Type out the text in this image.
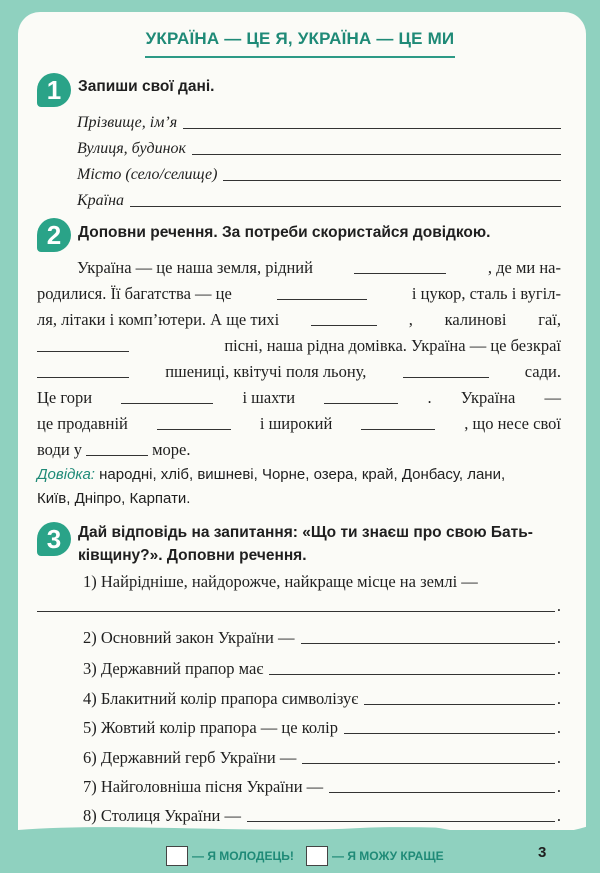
УКРАЇНА — ЦЕ Я, УКРАЇНА — ЦЕ МИ
1	Запиши свої дані.
Прізвище, ім’я
Вулиця, будинок
Місто (село/селище)
Країна
2	Доповни речення. За потреби скористайся довідкою.
Україна — це наша земля, рідний	, де ми на-
родилися. Її багатства — це	і цукор, сталь і вугіл-
ля, літаки і комп’ютери. А ще тихі	, калинові гаї,
пісні, наша рідна домівка. Україна — це безкраї
пшениці, квітучі поля льону,	сади.
Це гори	і шахти	. Україна —
це продавній	і широкий	, що несе свої
води у	море.
Довідка: народні, хліб, вишневі, Чорне, озера, край, Донбасу, лани,
Київ, Дніпро, Карпати.
3	Дай відповідь на запитання: «Що ти знаєш про свою Бать-
ківщину?». Доповни речення.
1) Найрідніше, найдорожче, найкраще місце на землі —
.
2) Основний закон України —	.
3) Державний прапор має	.
4) Блакитний колір прапора символізує	.
5) Жовтий колір прапора — це колір	.
6) Державний герб України —	.
7) Найголовніша пісня України —	.
8) Столиця України —	.
— Я МОЛОДЕЦЬ!	— Я МОЖУ КРАЩЕ	3
